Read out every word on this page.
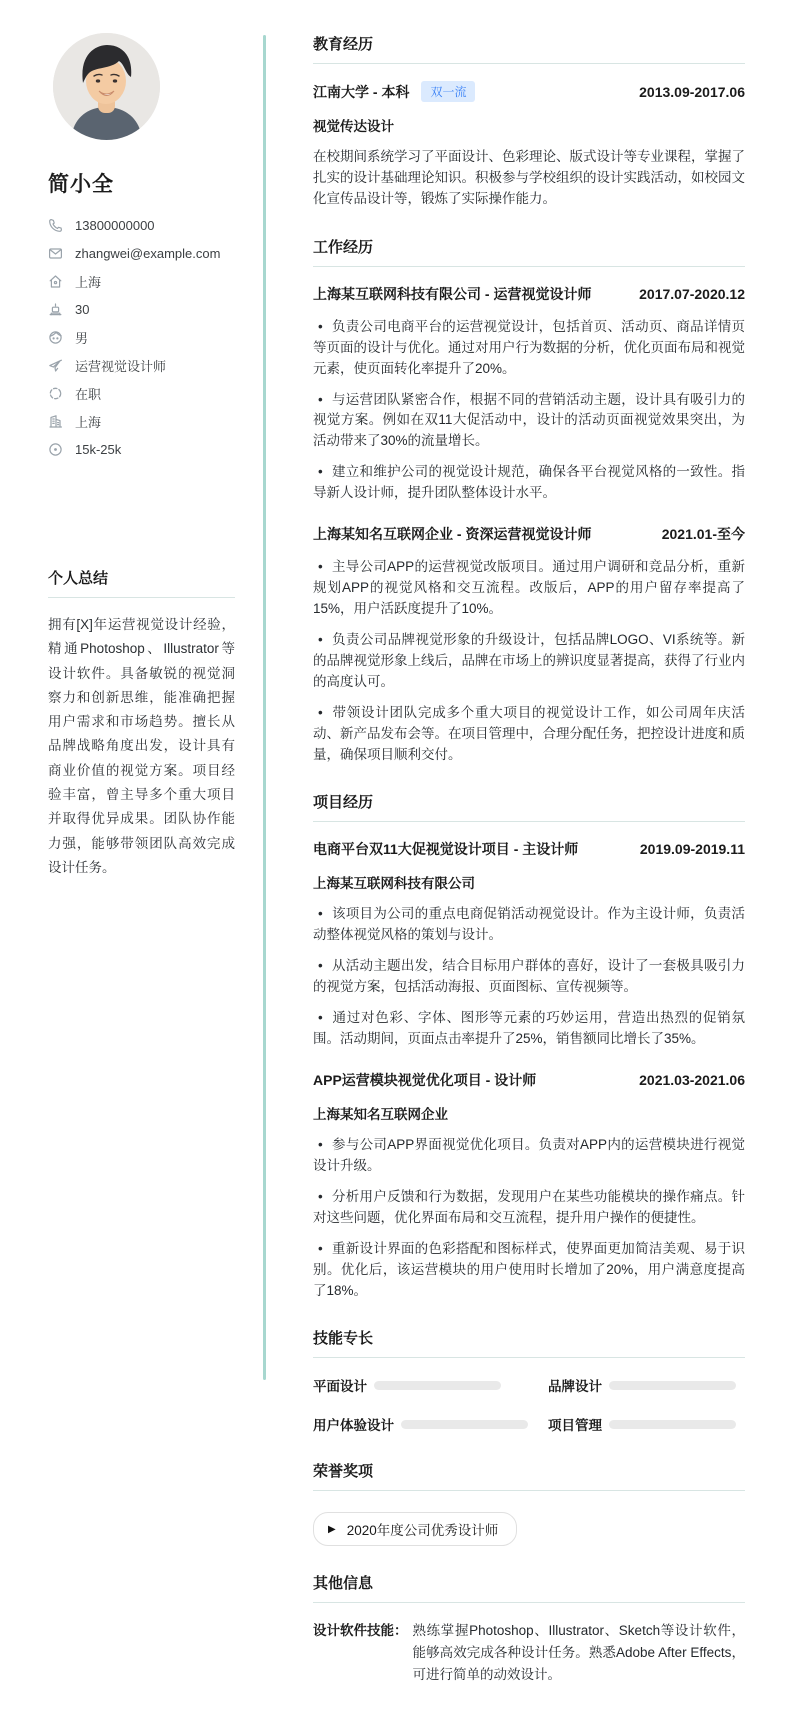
简小全
13800000000
zhangwei@example.com
上海
30
男
运营视觉设计师
在职
上海
15k-25k
个人总结

拥有[X]年运营视觉设计经验，精通Photoshop、Illustrator等设计软件。具备敏锐的视觉洞察力和创新思维，能准确把握用户需求和市场趋势。擅长从品牌战略角度出发，设计具有商业价值的视觉方案。项目经验丰富，曾主导多个重大项目并取得优异成果。团队协作能力强，能够带领团队高效完成设计任务。

教育经历
江南大学 - 本科	双一流	2013.09-2017.06

视觉传达设计

在校期间系统学习了平面设计、色彩理论、版式设计等专业课程，掌握了扎实的设计基础理论知识。积极参与学校组织的设计实践活动，如校园文化宣传品设计等，锻炼了实际操作能力。

工作经历
上海某互联网科技有限公司 - 运营视觉设计师	2017.07-2020.12

• 负责公司电商平台的运营视觉设计，包括首页、活动页、商品详情页等页面的设计与优化。通过对用户行为数据的分析，优化页面布局和视觉元素，使页面转化率提升了20%。

• 与运营团队紧密合作，根据不同的营销活动主题，设计具有吸引力的视觉方案。例如在双11大促活动中，设计的活动页面视觉效果突出，为活动带来了30%的流量增长。

• 建立和维护公司的视觉设计规范，确保各平台视觉风格的一致性。指导新人设计师，提升团队整体设计水平。

上海某知名互联网企业 - 资深运营视觉设计师	2021.01-至今

• 主导公司APP的运营视觉改版项目。通过用户调研和竞品分析，重新规划APP的视觉风格和交互流程。改版后，APP的用户留存率提高了15%，用户活跃度提升了10%。

• 负责公司品牌视觉形象的升级设计，包括品牌LOGO、VI系统等。新的品牌视觉形象上线后，品牌在市场上的辨识度显著提高，获得了行业内的高度认可。

• 带领设计团队完成多个重大项目的视觉设计工作，如公司周年庆活动、新产品发布会等。在项目管理中，合理分配任务，把控设计进度和质量，确保项目顺利交付。

项目经历
电商平台双11大促视觉设计项目 - 主设计师	2019.09-2019.11

上海某互联网科技有限公司

• 该项目为公司的重点电商促销活动视觉设计。作为主设计师，负责活动整体视觉风格的策划与设计。

• 从活动主题出发，结合目标用户群体的喜好，设计了一套极具吸引力的视觉方案，包括活动海报、页面图标、宣传视频等。

• 通过对色彩、字体、图形等元素的巧妙运用，营造出热烈的促销氛围。活动期间，页面点击率提升了25%，销售额同比增长了35%。

APP运营模块视觉优化项目 - 设计师	2021.03-2021.06

上海某知名互联网企业

• 参与公司APP界面视觉优化项目。负责对APP内的运营模块进行视觉设计升级。

• 分析用户反馈和行为数据，发现用户在某些功能模块的操作痛点。针对这些问题，优化界面布局和交互流程，提升用户操作的便捷性。

• 重新设计界面的色彩搭配和图标样式，使界面更加简洁美观、易于识别。优化后，该运营模块的用户使用时长增加了20%，用户满意度提高了18%。

技能专长
平面设计	品牌设计
用户体验设计	项目管理
荣誉奖项
▶ 2020年度公司优秀设计师
其他信息
设计软件技能： 熟练掌握Photoshop、Illustrator、Sketch等设计软件，能够高效完成各种设计任务。熟悉Adobe After Effects，可进行简单的动效设计。
